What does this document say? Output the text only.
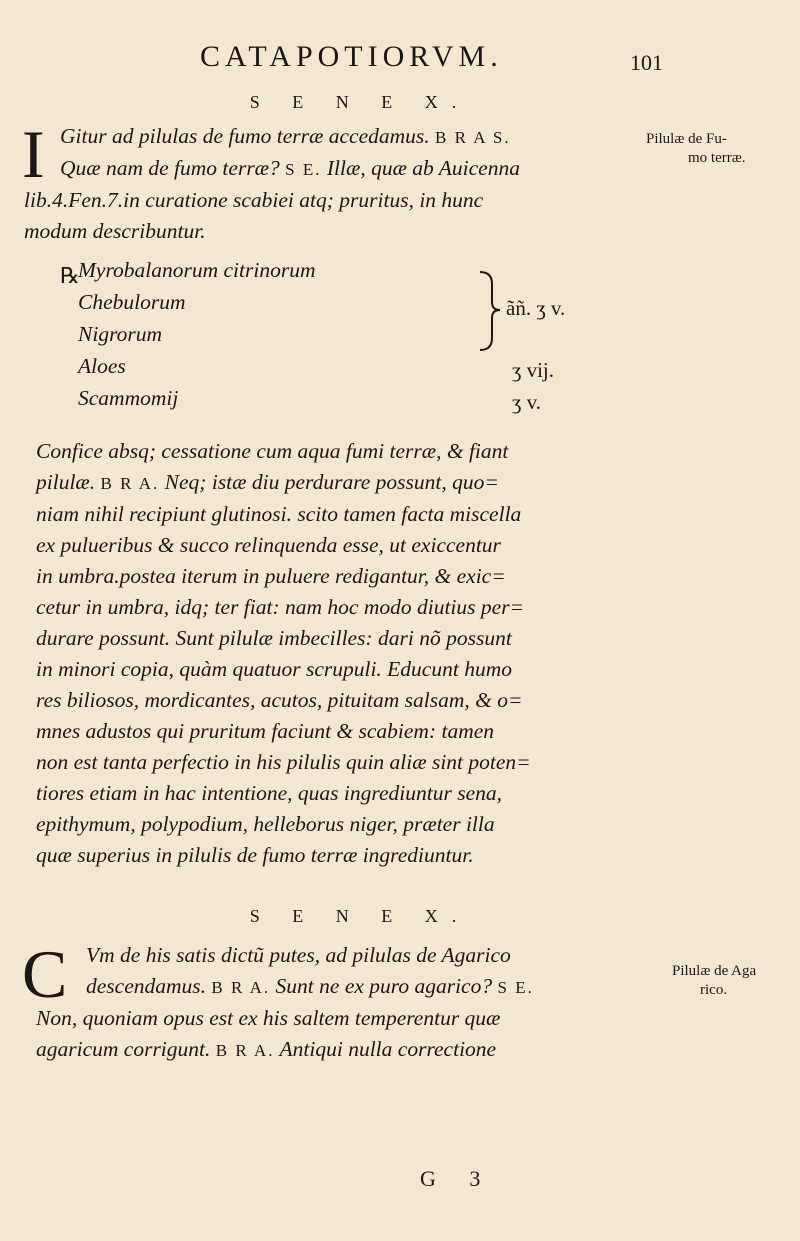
CATAPOTIORVM.	101
S E N E X.
I Gitur ad pilulas de fumo terræ accedamus. B R A S.
Quæ nam de fumo terræ? S E. Illæ, quæ ab Auicenna
lib.4.Fen.7.in curatione scabiei atq; pruritus, in hunc
modum describuntur.
Pilulæ de Fu-
mo terræ.
℞
Myrobalanorum citrinorum
Chebulorum
Nigrorum
Aloes
Scammomij
ãñ. ʒ v.
ʒ vij.
ʒ v.
Confice absq; cessatione cum aqua fumi terræ, & fiant
pilulæ. B R A. Neq; istæ diu perdurare possunt, quo=
niam nihil recipiunt glutinosi. scito tamen facta miscella
ex pulueribus & succo relinquenda esse, ut exiccentur
in umbra.postea iterum in puluere redigantur, & exic=
cetur in umbra, idq; ter fiat: nam hoc modo diutius per=
durare possunt. Sunt pilulæ imbecilles: dari nõ possunt
in minori copia, quàm quatuor scrupuli. Educunt humo
res biliosos, mordicantes, acutos, pituitam salsam, & o=
mnes adustos qui pruritum faciunt & scabiem: tamen
non est tanta perfectio in his pilulis quin aliæ sint poten=
tiores etiam in hac intentione, quas ingrediuntur sena,
epithymum, polypodium, helleborus niger, præter illa
quæ superius in pilulis de fumo terræ ingrediuntur.
S E N E X.
C Vm de his satis dictũ putes, ad pilulas de Agarico
descendamus. B R A. Sunt ne ex puro agarico? S E.
Non, quoniam opus est ex his saltem temperentur quæ
agaricum corrigunt. B R A. Antiqui nulla correctione
Pilulæ de Aga
rico.
G 3
